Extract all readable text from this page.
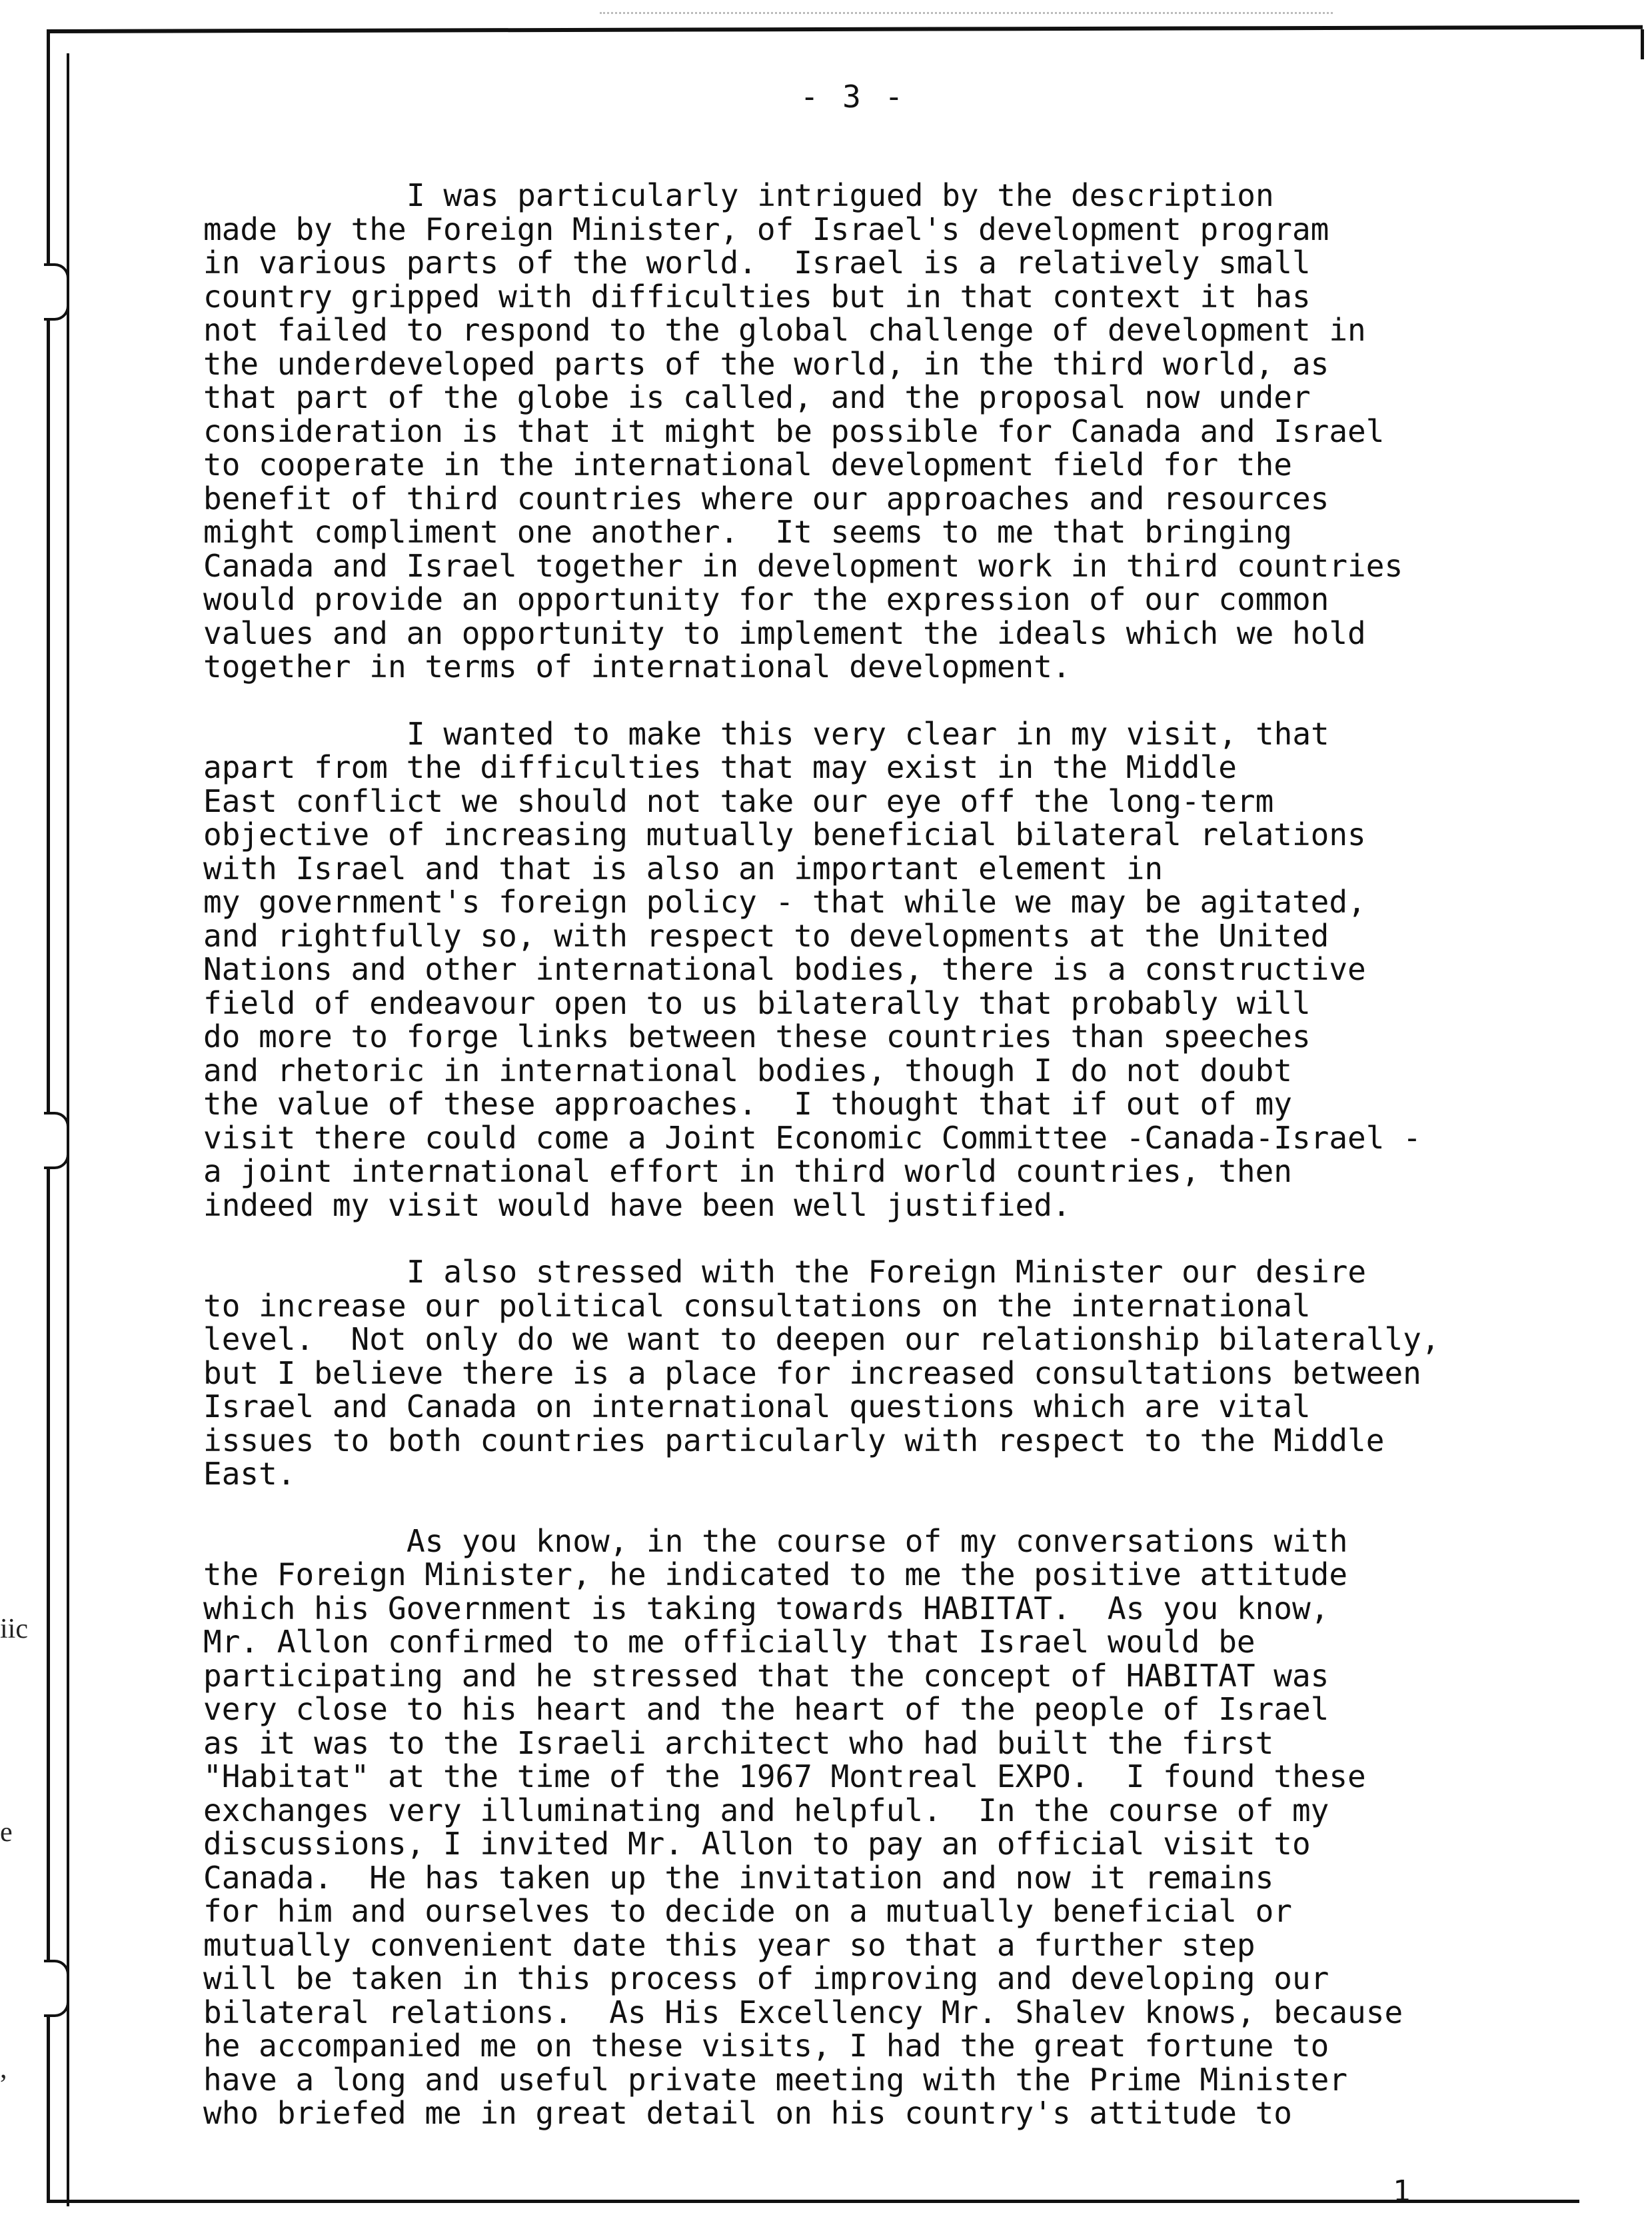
iic
e
,
- 3 -
I was particularly intrigued by the description
made by the Foreign Minister, of Israel's development program
in various parts of the world.  Israel is a relatively small
country gripped with difficulties but in that context it has
not failed to respond to the global challenge of development in
the underdeveloped parts of the world, in the third world, as
that part of the globe is called, and the proposal now under
consideration is that it might be possible for Canada and Israel
to cooperate in the international development field for the
benefit of third countries where our approaches and resources
might compliment one another.  It seems to me that bringing
Canada and Israel together in development work in third countries
would provide an opportunity for the expression of our common
values and an opportunity to implement the ideals which we hold
together in terms of international development.
I wanted to make this very clear in my visit, that
apart from the difficulties that may exist in the Middle
East conflict we should not take our eye off the long-term
objective of increasing mutually beneficial bilateral relations
with Israel and that is also an important element in
my government's foreign policy - that while we may be agitated,
and rightfully so, with respect to developments at the United
Nations and other international bodies, there is a constructive
field of endeavour open to us bilaterally that probably will
do more to forge links between these countries than speeches
and rhetoric in international bodies, though I do not doubt
the value of these approaches.  I thought that if out of my
visit there could come a Joint Economic Committee -Canada-Israel -
a joint international effort in third world countries, then
indeed my visit would have been well justified.
I also stressed with the Foreign Minister our desire
to increase our political consultations on the international
level.  Not only do we want to deepen our relationship bilaterally,
but I believe there is a place for increased consultations between
Israel and Canada on international questions which are vital
issues to both countries particularly with respect to the Middle
East.
As you know, in the course of my conversations with
the Foreign Minister, he indicated to me the positive attitude
which his Government is taking towards HABITAT.  As you know,
Mr. Allon confirmed to me officially that Israel would be
participating and he stressed that the concept of HABITAT was
very close to his heart and the heart of the people of Israel
as it was to the Israeli architect who had built the first
"Habitat" at the time of the 1967 Montreal EXPO.  I found these
exchanges very illuminating and helpful.  In the course of my
discussions, I invited Mr. Allon to pay an official visit to
Canada.  He has taken up the invitation and now it remains
for him and ourselves to decide on a mutually beneficial or
mutually convenient date this year so that a further step
will be taken in this process of improving and developing our
bilateral relations.  As His Excellency Mr. Shalev knows, because
he accompanied me on these visits, I had the great fortune to
have a long and useful private meeting with the Prime Minister
who briefed me in great detail on his country's attitude to
1
